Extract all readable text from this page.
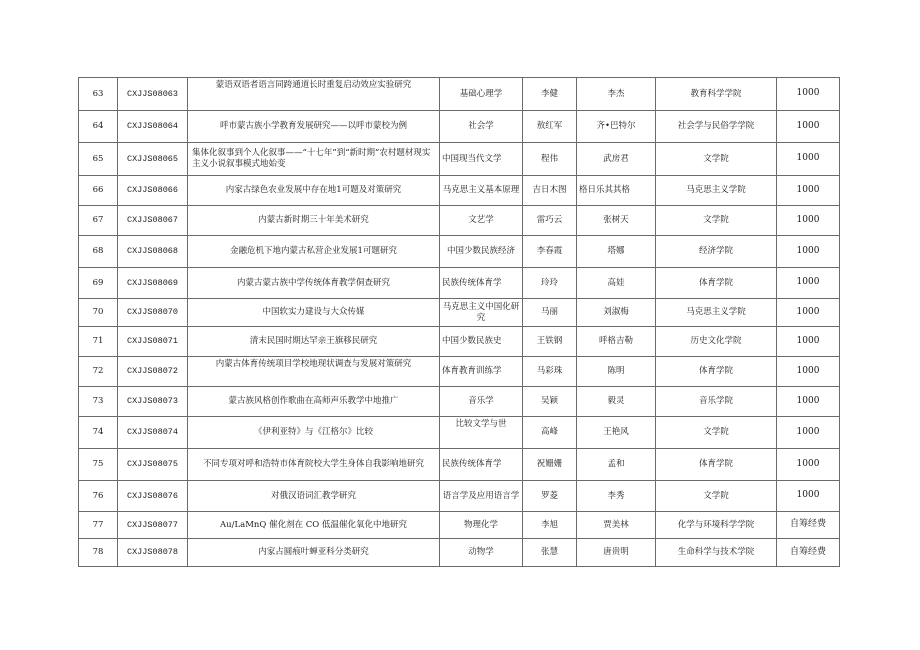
63	CXJJS08063	蒙语双语者语言同跨通道长时重复启动效应实验研究	基础心理学	李健	李杰	教育科学学院	1000
64	CXJJS08064	呼市蒙古族小学教育发展研究——以呼市蒙校为例	社会学	敖红军	齐•巴特尔	社会学与民俗学学院	1000
65	CXJJS08065	集体化叙事到个人化叙事——“十七年”到“新时期”农村题材现实主义小说叙事模式地始变	中国现当代文学	程伟	武房君	文学院	1000
66	CXJJS08066	内家古绿色农业发展中存在地1可题及对策研究	马克思主义基本原理	吉日木图	格日乐其其格	马克思主义学院	1000
67	CXJJS08067	内蒙古新时期三十年美术研究	文艺学	雷巧云	张树天	文学院	1000
68	CXJJS08068	金融危机下地内蒙古私营企业发展1可题研究	中国少数民族经济	李春霞	塔娜	经济学院	1000
69	CXJJS08069	内蒙古蒙古族中学传统体育教学侗查研究	民族传统体育学	玲玲	高娃	体育学院	1000
70	CXJJS08070	中国软实力建设与大众传媒	马克思主义中国化研究	马丽	刘淑梅	马克思主义学院	1000
71	CXJJS08071	清末民国时期达罕亲王旗移民研究	中国少数民族史	王铁钢	呼格吉勒	历史文化学院	1000
72	CXJJS08072	内蒙古体育传统项目学校地现状调查与发展对策研究	体育教育训练学	马彩珠	陈明	体育学院	1000
73	CXJJS08073	蒙古族风格创作歌曲在高师声乐教学中地推广	音乐学	吴颖	毅灵	音乐学院	1000
74	CXJJS08074	《伊利亚特》与《江格尔》比较	比较文学与世	高峰	王艳风	文学院	1000
75	CXJJS08075	不同专项对呼和浩特市体育院校大学生身体自我影响地研究	民族传统体育学	祝姗姗	孟和	体育学院	1000
76	CXJJS08076	对俄汉语词汇教学研究	语言学及应用语言学	罗菱	李秀	文学院	1000
77	CXJJS08077	Au/LaMnQ 催化剂在 CO 低温催化氧化中地研究	物理化学	李旭	贾美林	化学与环境科学学院	自筹经费
78	CXJJS08078	内家占圆痕叶蝉亚科分类研究	动物学	张慧	唐贵明	生命科学与技术学院	自筹经费
